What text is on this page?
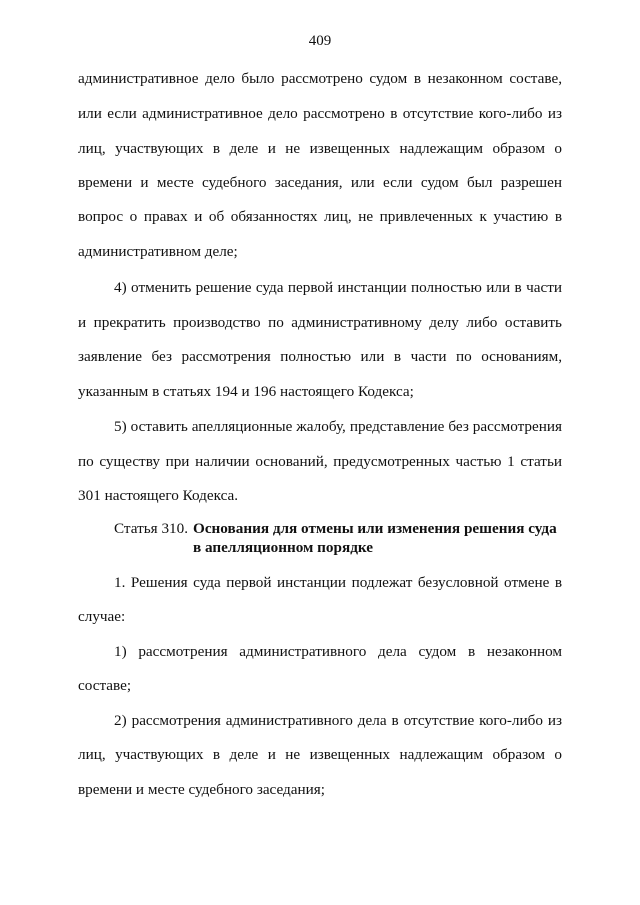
409
административное дело было рассмотрено судом в незаконном составе,
или если административное дело рассмотрено в отсутствие кого-либо из
лиц, участвующих в деле и не извещенных надлежащим образом о
времени и месте судебного заседания, или если судом был разрешен
вопрос о правах и об обязанностях лиц, не привлеченных к участию в
административном деле;
4) отменить решение суда первой инстанции полностью или в части
и прекратить производство по административному делу либо оставить
заявление без рассмотрения полностью или в части по основаниям,
указанным в статьях 194 и 196 настоящего Кодекса;
5) оставить апелляционные жалобу, представление без рассмотрения
по существу при наличии оснований, предусмотренных частью 1 статьи
301 настоящего Кодекса.
Статья 310. Основания для отмены или изменения решения суда
в апелляционном порядке
1. Решения суда первой инстанции подлежат безусловной отмене в
случае:
1) рассмотрения административного дела судом в незаконном
составе;
2) рассмотрения административного дела в отсутствие кого-либо из
лиц, участвующих в деле и не извещенных надлежащим образом о
времени и месте судебного заседания;
